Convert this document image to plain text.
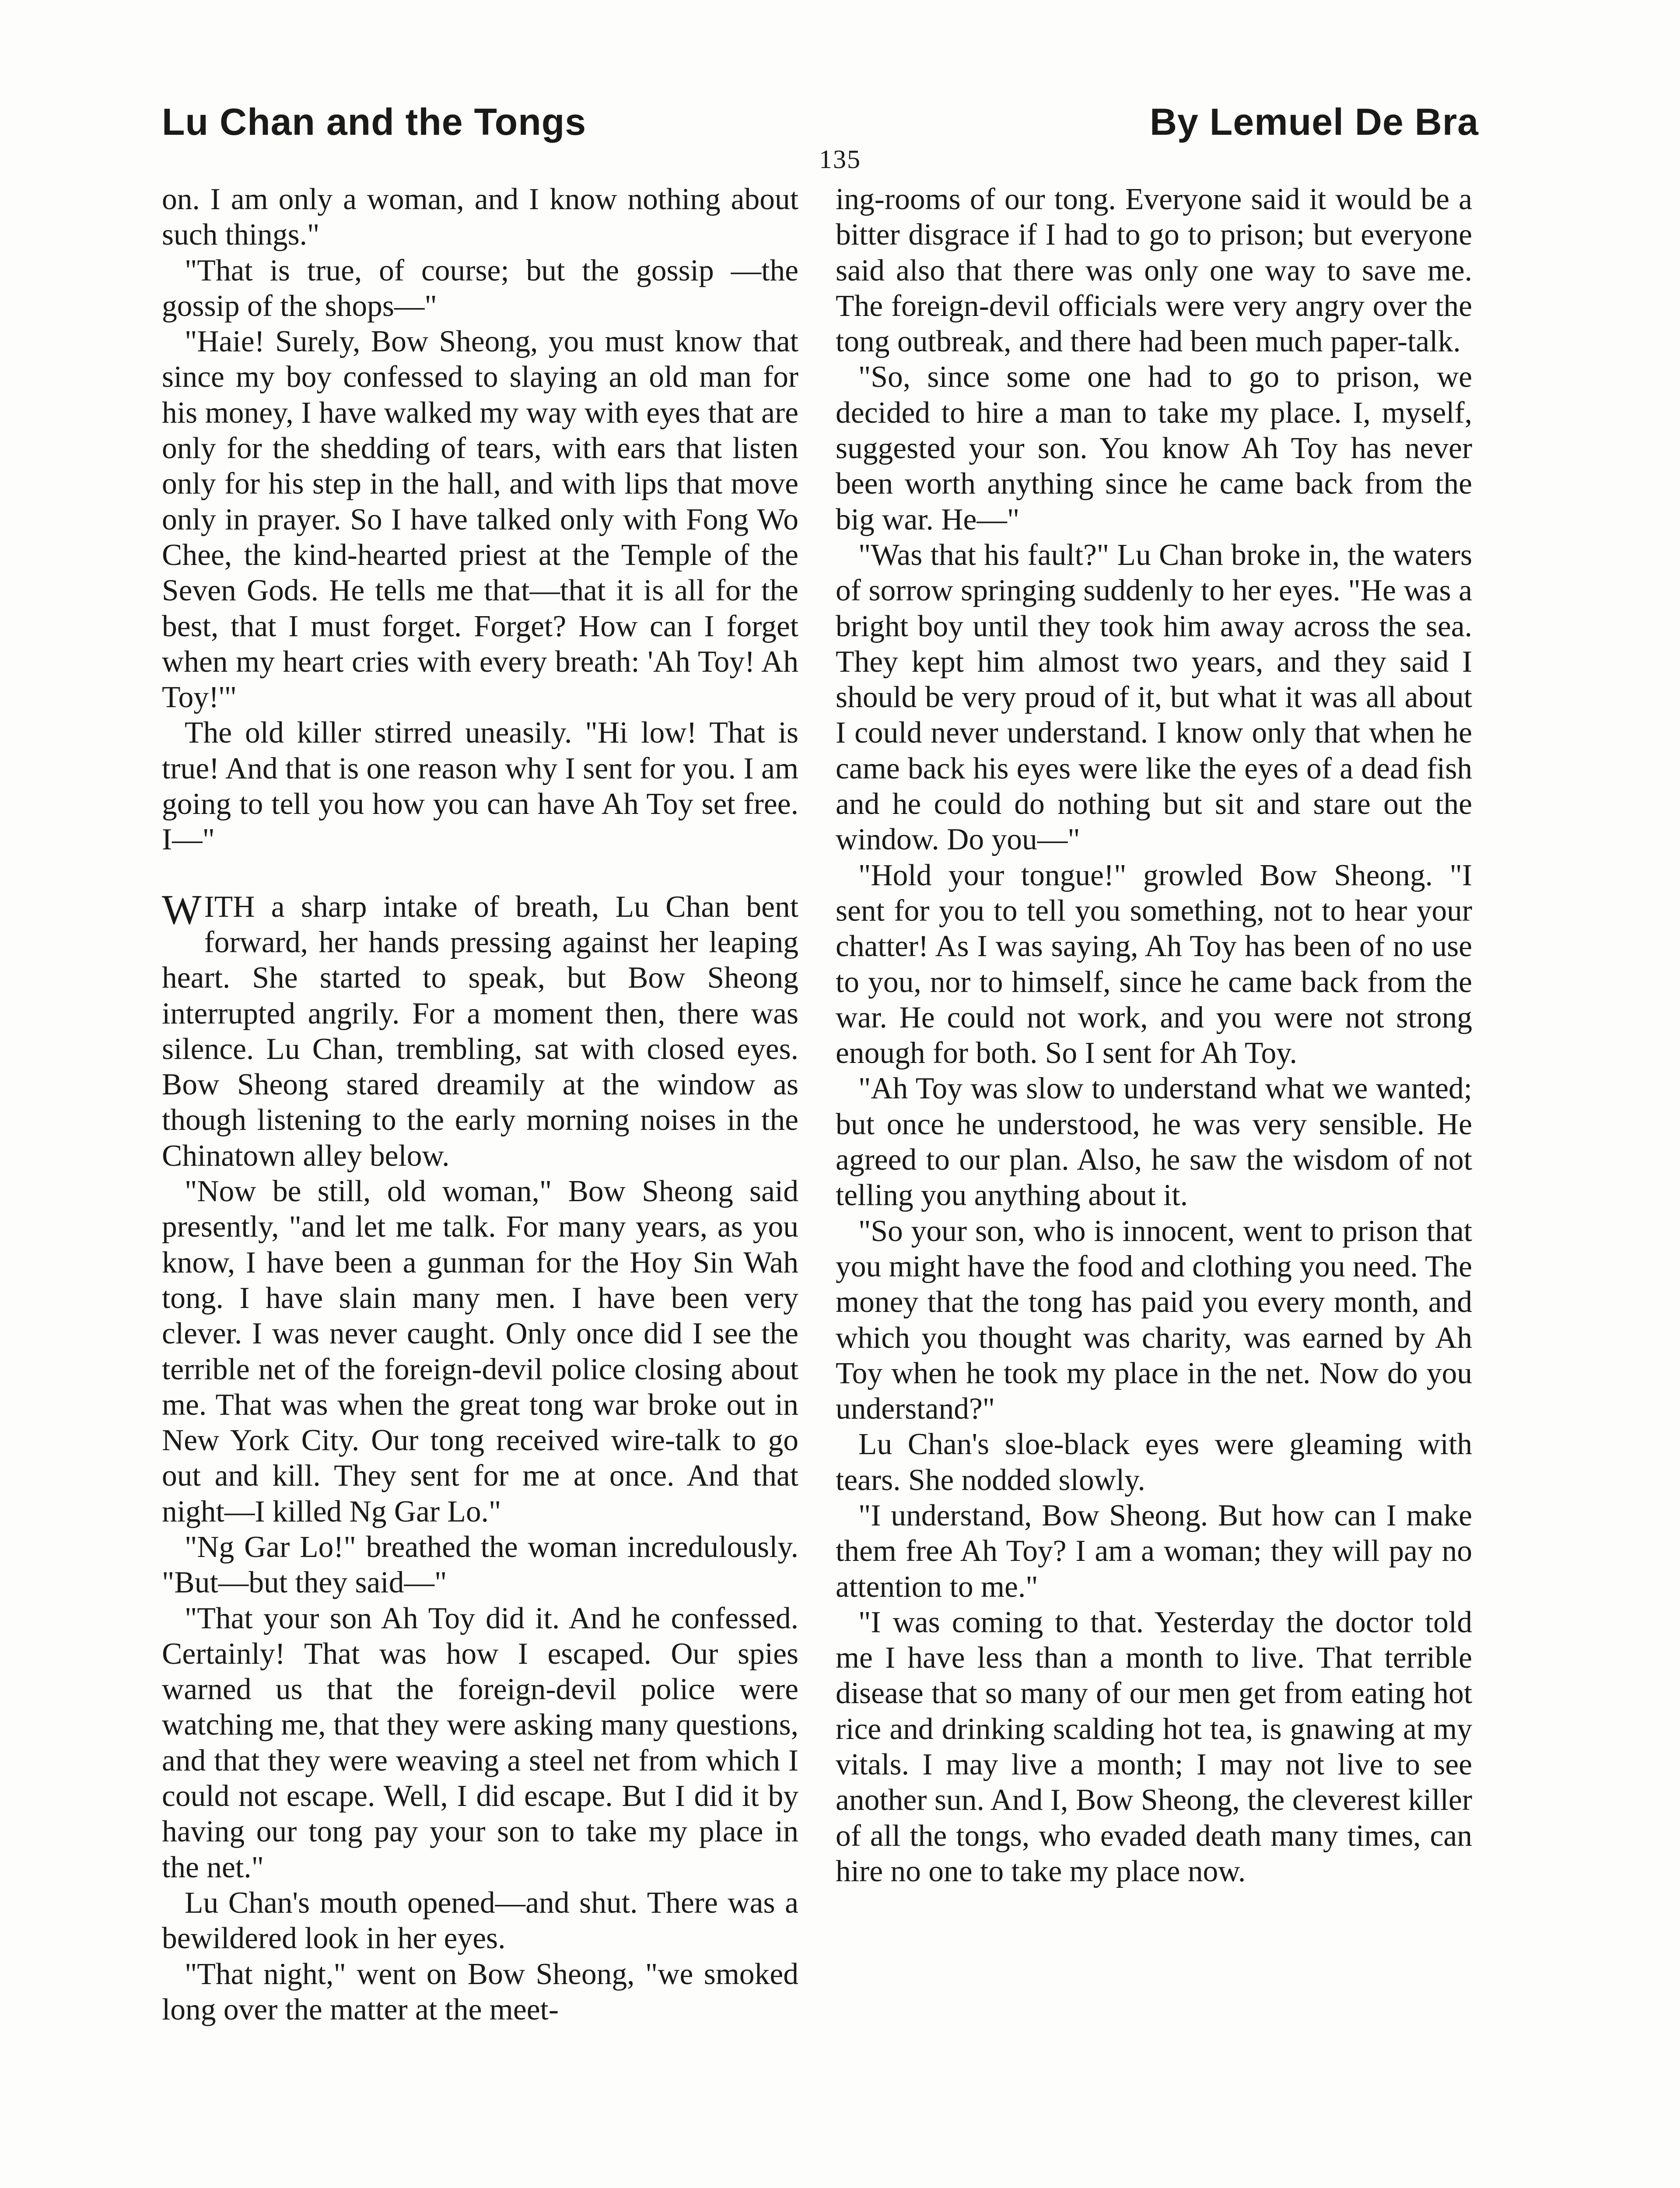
Lu Chan and the Tongs	By Lemuel De Bra
135

on. I am only a woman, and I know nothing about such things."

"That is true, of course; but the gossip —the gossip of the shops—"

"Haie! Surely, Bow Sheong, you must know that since my boy confessed to slaying an old man for his money, I have walked my way with eyes that are only for the shedding of tears, with ears that listen only for his step in the hall, and with lips that move only in prayer. So I have talked only with Fong Wo Chee, the kind-hearted priest at the Temple of the Seven Gods. He tells me that—that it is all for the best, that I must forget. Forget? How can I forget when my heart cries with every breath: 'Ah Toy! Ah Toy!'"

The old killer stirred uneasily. "Hi low! That is true! And that is one reason why I sent for you. I am going to tell you how you can have Ah Toy set free. I—"

W ITH a sharp intake of breath, Lu Chan bent forward, her hands pressing against her leaping heart. She started to speak, but Bow Sheong interrupted angrily. For a moment then, there was silence. Lu Chan, trembling, sat with closed eyes. Bow Sheong stared dreamily at the window as though listening to the early morning noises in the Chinatown alley below.

"Now be still, old woman," Bow Sheong said presently, "and let me talk. For many years, as you know, I have been a gunman for the Hoy Sin Wah tong. I have slain many men. I have been very clever. I was never caught. Only once did I see the terrible net of the foreign-devil police closing about me. That was when the great tong war broke out in New York City. Our tong received wire-talk to go out and kill. They sent for me at once. And that night—I killed Ng Gar Lo."

"Ng Gar Lo!" breathed the woman incredulously. "But—but they said—"

"That your son Ah Toy did it. And he confessed. Certainly! That was how I escaped. Our spies warned us that the foreign-devil police were watching me, that they were asking many questions, and that they were weaving a steel net from which I could not escape. Well, I did escape. But I did it by having our tong pay your son to take my place in the net."

Lu Chan's mouth opened—and shut. There was a bewildered look in her eyes.

"That night," went on Bow Sheong, "we smoked long over the matter at the meet-

ing-rooms of our tong. Everyone said it would be a bitter disgrace if I had to go to prison; but everyone said also that there was only one way to save me. The foreign-devil officials were very angry over the tong outbreak, and there had been much paper-talk.

"So, since some one had to go to prison, we decided to hire a man to take my place. I, myself, suggested your son. You know Ah Toy has never been worth anything since he came back from the big war. He—"

"Was that his fault?" Lu Chan broke in, the waters of sorrow springing suddenly to her eyes. "He was a bright boy until they took him away across the sea. They kept him almost two years, and they said I should be very proud of it, but what it was all about I could never understand. I know only that when he came back his eyes were like the eyes of a dead fish and he could do nothing but sit and stare out the window. Do you—"

"Hold your tongue!" growled Bow Sheong. "I sent for you to tell you something, not to hear your chatter! As I was saying, Ah Toy has been of no use to you, nor to himself, since he came back from the war. He could not work, and you were not strong enough for both. So I sent for Ah Toy.

"Ah Toy was slow to understand what we wanted; but once he understood, he was very sensible. He agreed to our plan. Also, he saw the wisdom of not telling you anything about it.

"So your son, who is innocent, went to prison that you might have the food and clothing you need. The money that the tong has paid you every month, and which you thought was charity, was earned by Ah Toy when he took my place in the net. Now do you understand?"

Lu Chan's sloe-black eyes were gleaming with tears. She nodded slowly.

"I understand, Bow Sheong. But how can I make them free Ah Toy? I am a woman; they will pay no attention to me."

"I was coming to that. Yesterday the doctor told me I have less than a month to live. That terrible disease that so many of our men get from eating hot rice and drinking scalding hot tea, is gnawing at my vitals. I may live a month; I may not live to see another sun. And I, Bow Sheong, the cleverest killer of all the tongs, who evaded death many times, can hire no one to take my place now.
